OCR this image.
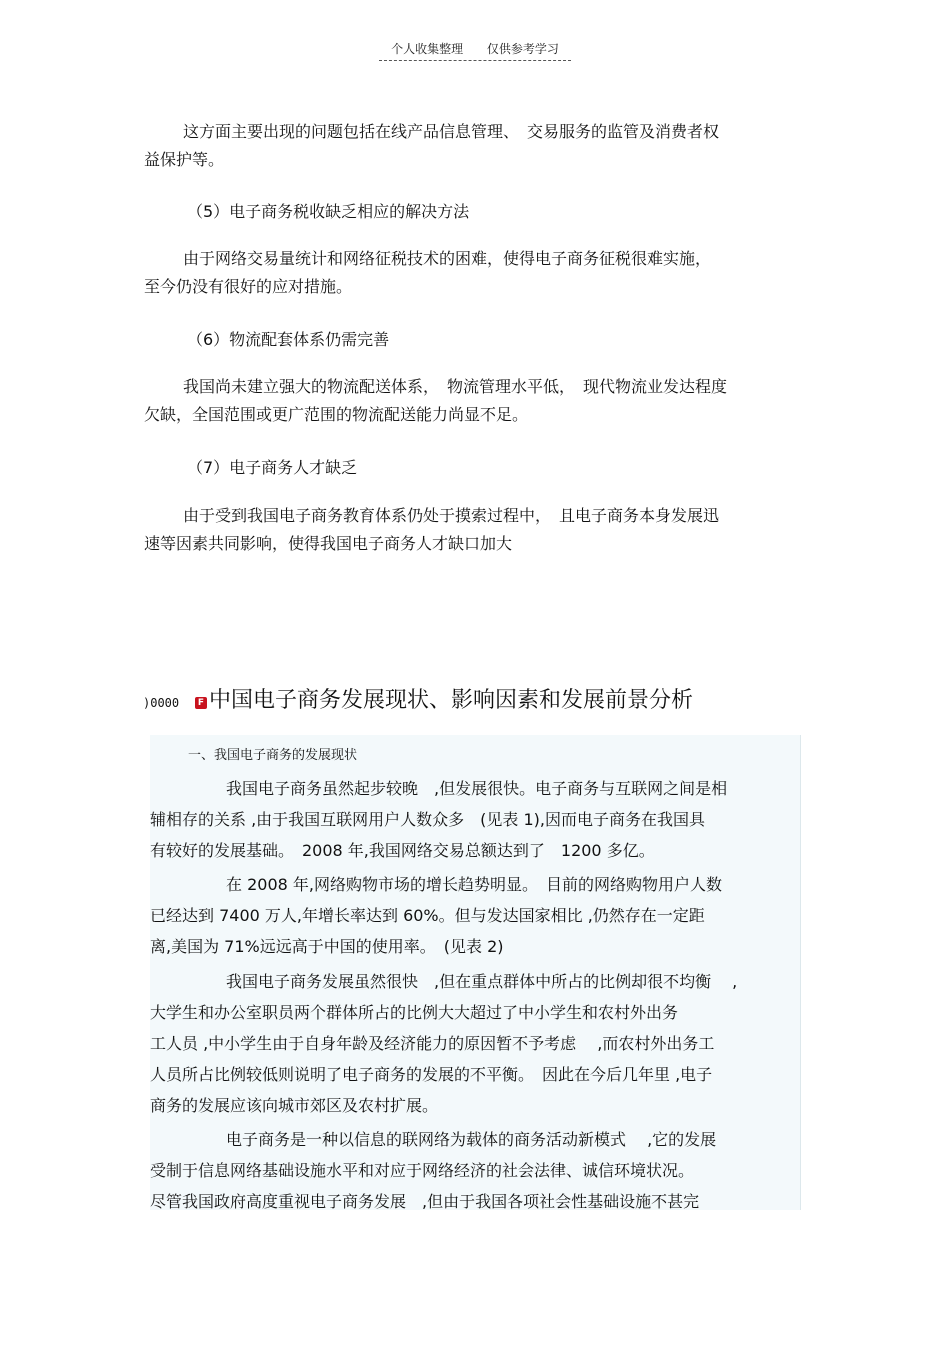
个人收集整理 仅供参考学习
这方面主要出现的问题包括在线产品信息管理、　交易服务的监管及消费者权
益保护等。
（5）电子商务税收缺乏相应的解决方法
由于网络交易量统计和网络征税技术的困难，使得电子商务征税很难实施，
至今仍没有很好的应对措施。
（6）物流配套体系仍需完善
我国尚未建立强大的物流配送体系，　物流管理水平低，　现代物流业发达程度
欠缺，全国范围或更广范围的物流配送能力尚显不足。
（7）电子商务人才缺乏
由于受到我国电子商务教育体系仍处于摸索过程中，　且电子商务本身发展迅
速等因素共同影响，使得我国电子商务人才缺口加大
)0000	F 中国电子商务发展现状、影响因素和发展前景分析
一、我国电子商务的发展现状
我国电子商务虽然起步较晚　,但发展很快。电子商务与互联网之间是相
辅相存的关系 ,由于我国互联网用户人数众多　(见表 1),因而电子商务在我国具
有较好的发展基础。　2008 年,我国网络交易总额达到了　1200 多亿。
在 2008 年,网络购物市场的增长趋势明显。　目前的网络购物用户人数
已经达到 7400 万人,年增长率达到 60%。但与发达国家相比 ,仍然存在一定距
离,美国为 71%远远高于中国的使用率。　(见表 2)
我国电子商务发展虽然很快　,但在重点群体中所占的比例却很不均衡　 ,
大学生和办公室职员两个群体所占的比例大大超过了中小学生和农村外出务
工人员 ,中小学生由于自身年龄及经济能力的原因暂不予考虑　 ,而农村外出务工
人员所占比例较低则说明了电子商务的发展的不平衡。　因此在今后几年里 ,电子
商务的发展应该向城市郊区及农村扩展。
电子商务是一种以信息的联网络为载体的商务活动新模式　 ,它的发展
受制于信息网络基础设施水平和对应于网络经济的社会法律、诚信环境状况。
尽管我国政府高度重视电子商务发展　,但由于我国各项社会性基础设施不甚完
